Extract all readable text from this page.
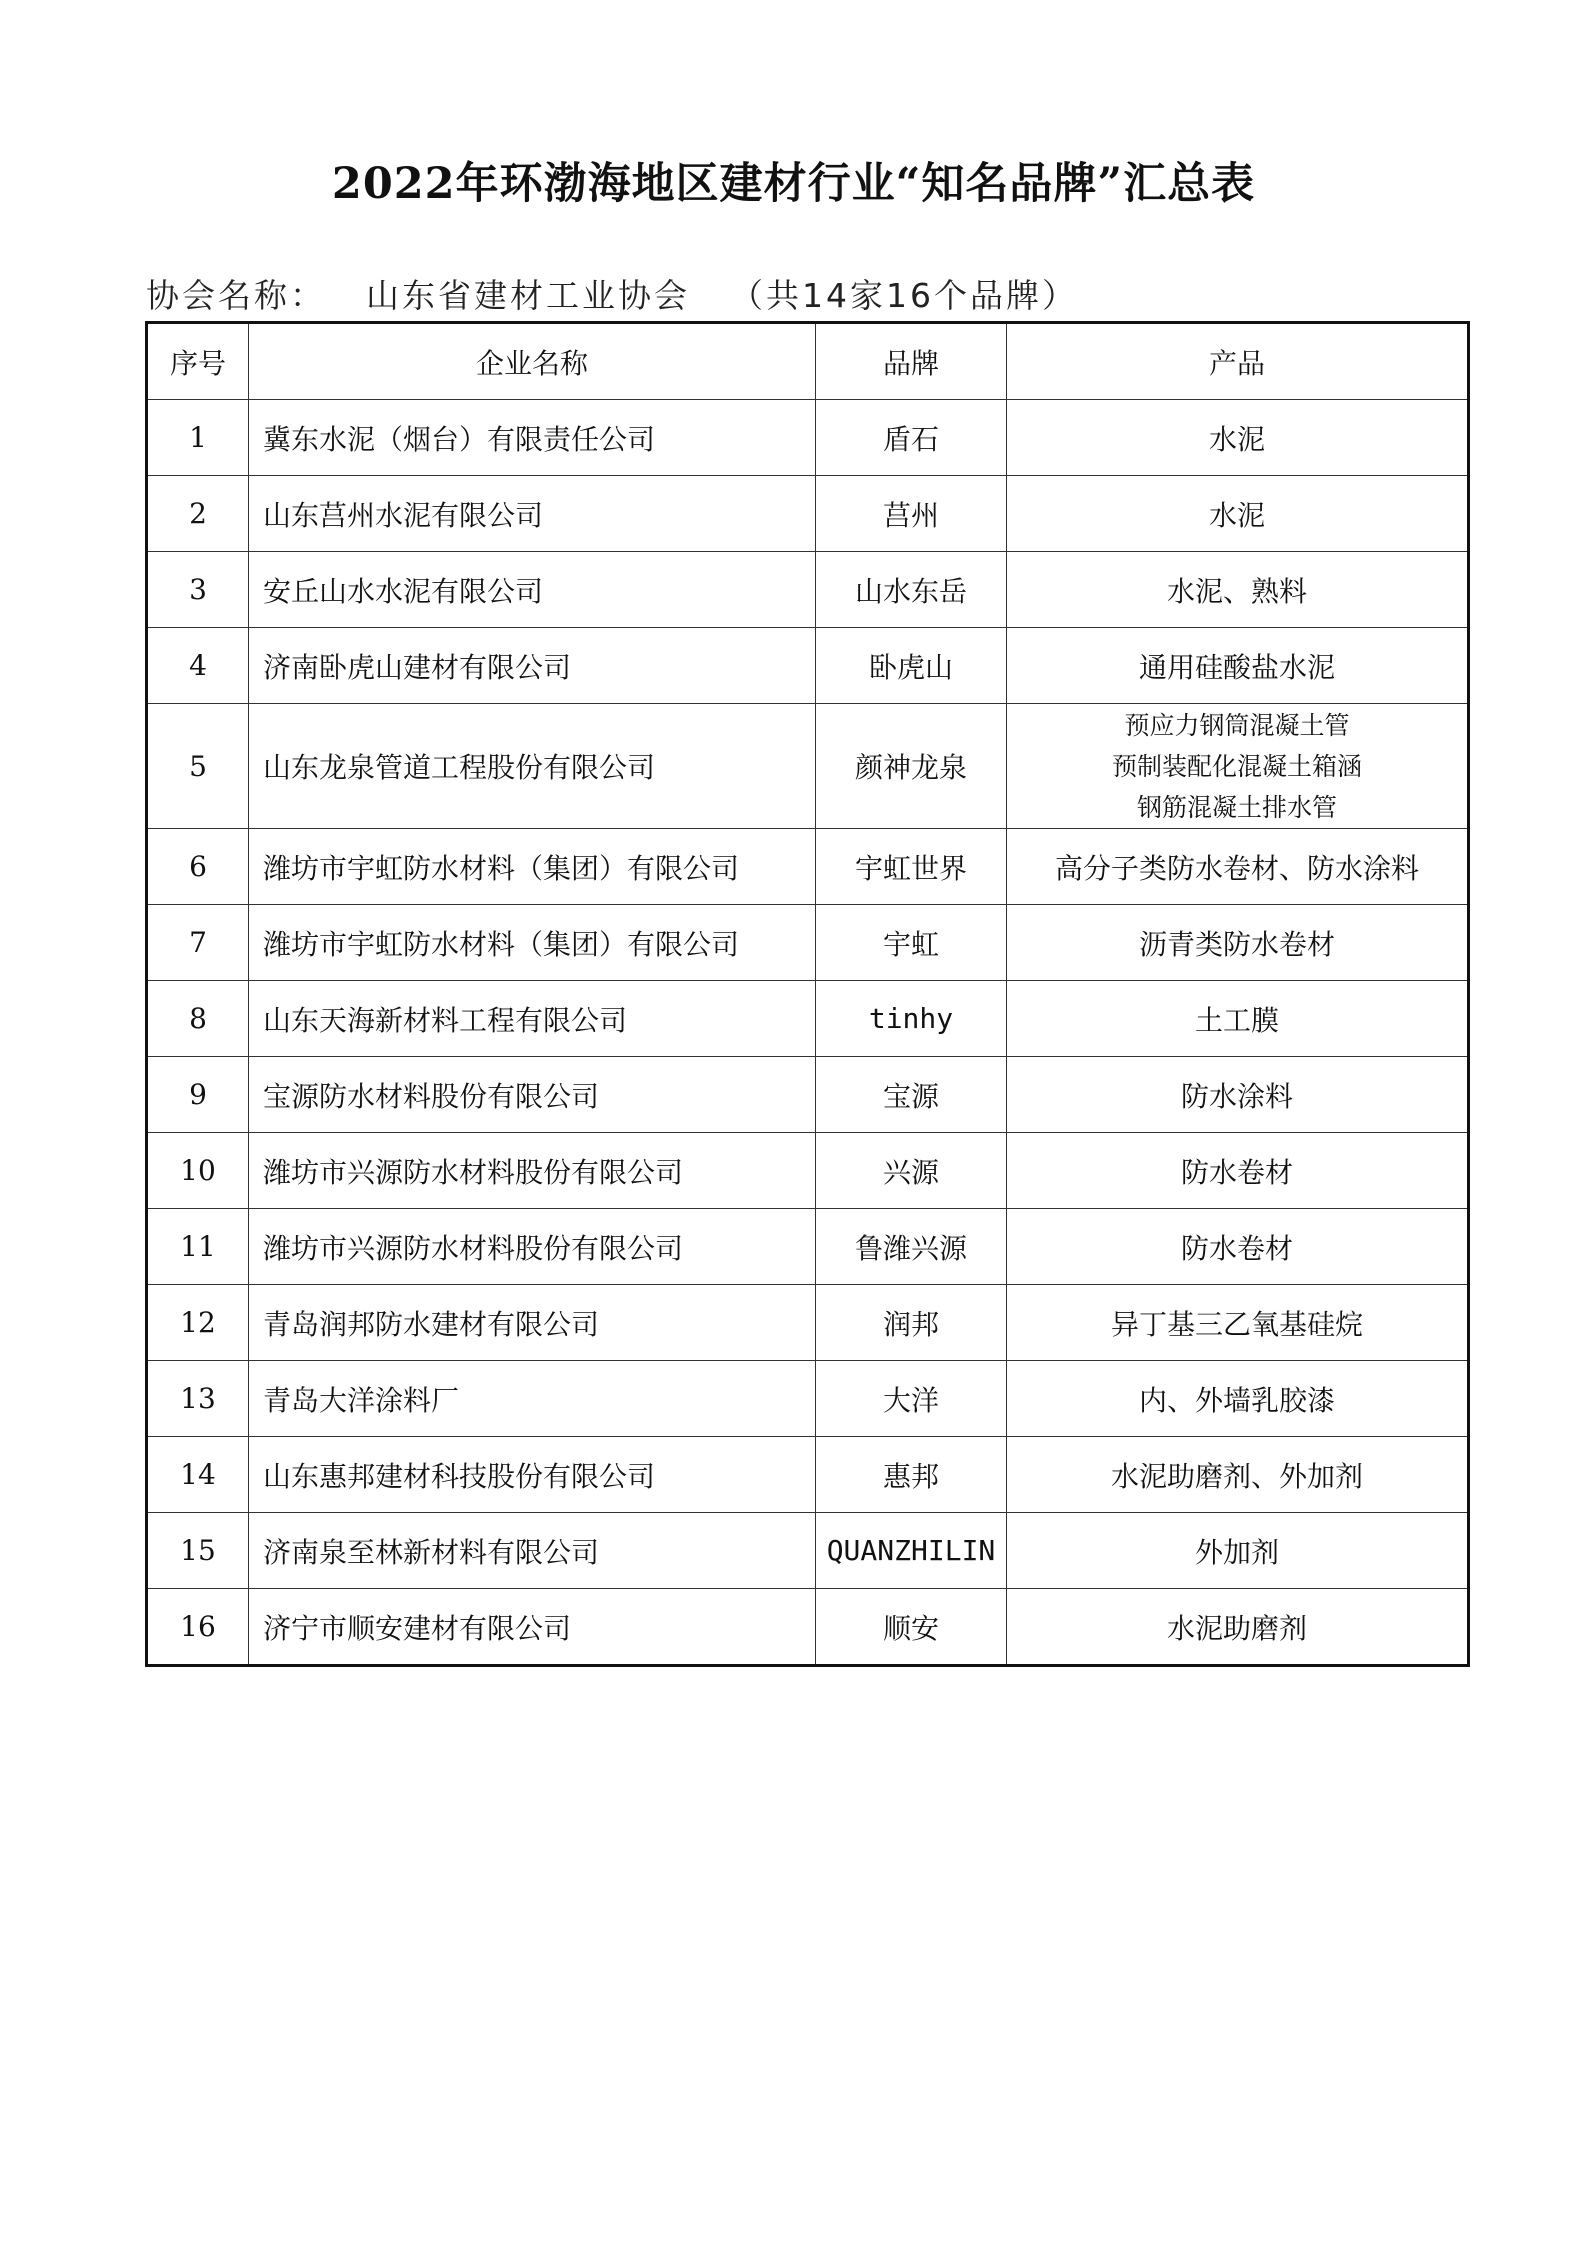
2022年环渤海地区建材行业“知名品牌”汇总表
协会名称： 山东省建材工业协会 （共14家16个品牌）
序号	企业名称	品牌	产品
1	冀东水泥（烟台）有限责任公司	盾石	水泥
2	山东莒州水泥有限公司	莒州	水泥
3	安丘山水水泥有限公司	山水东岳	水泥、熟料
4	济南卧虎山建材有限公司	卧虎山	通用硅酸盐水泥
5	山东龙泉管道工程股份有限公司	颜神龙泉	预应力钢筒混凝土管
预制装配化混凝土箱涵
钢筋混凝土排水管

6	潍坊市宇虹防水材料（集团）有限公司	宇虹世界	高分子类防水卷材、防水涂料
7	潍坊市宇虹防水材料（集团）有限公司	宇虹	沥青类防水卷材
8	山东天海新材料工程有限公司	tinhy	土工膜
9	宝源防水材料股份有限公司	宝源	防水涂料
10	潍坊市兴源防水材料股份有限公司	兴源	防水卷材
11	潍坊市兴源防水材料股份有限公司	鲁潍兴源	防水卷材
12	青岛润邦防水建材有限公司	润邦	异丁基三乙氧基硅烷
13	青岛大洋涂料厂	大洋	内、外墙乳胶漆
14	山东惠邦建材科技股份有限公司	惠邦	水泥助磨剂、外加剂
15	济南泉至林新材料有限公司	QUANZHILIN	外加剂
16	济宁市顺安建材有限公司	顺安	水泥助磨剂
